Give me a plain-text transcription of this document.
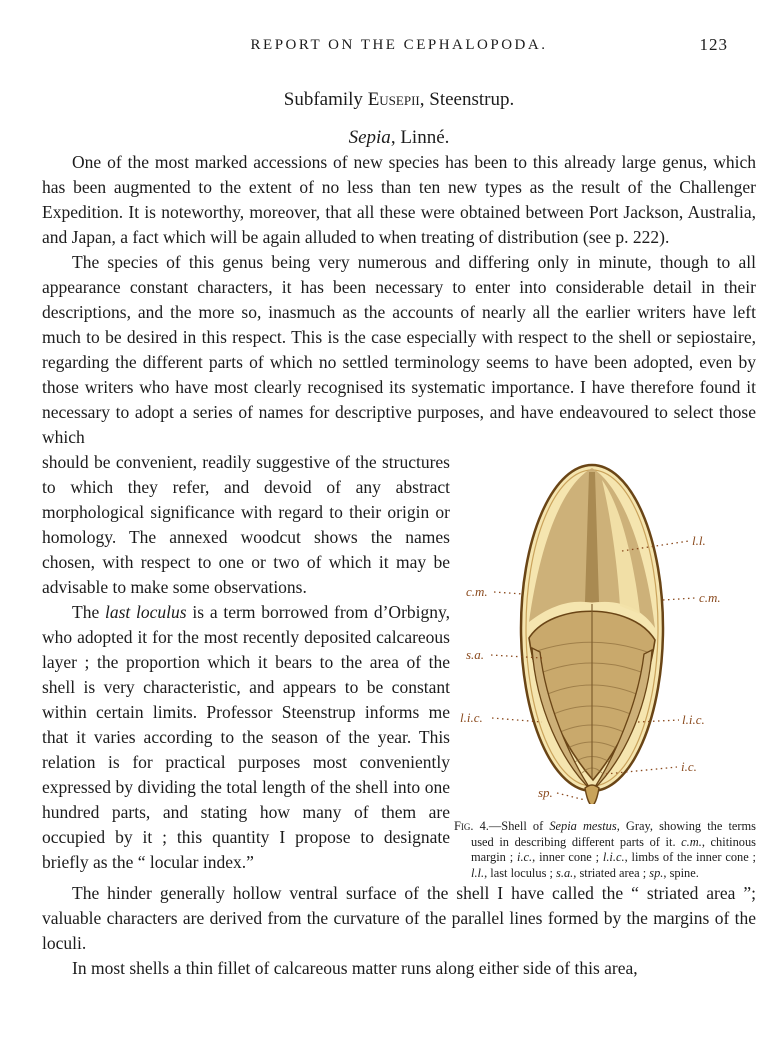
REPORT ON THE CEPHALOPODA.	123
Subfamily Eusepii, Steenstrup.
Sepia, Linné.

One of the most marked accessions of new species has been to this already large genus, which has been augmented to the extent of no less than ten new types as the result of the Challenger Expedition. It is noteworthy, moreover, that all these were obtained between Port Jackson, Australia, and Japan, a fact which will be again alluded to when treating of distribution (see p. 222).

The species of this genus being very numerous and differing only in minute, though to all appearance constant characters, it has been necessary to enter into considerable detail in their descriptions, and the more so, inasmuch as the accounts of nearly all the earlier writers have left much to be desired in this respect. This is the case especially with respect to the shell or sepiostaire, regarding the different parts of which no settled terminology seems to have been adopted, even by those writers who have most clearly recognised its systematic importance. I have therefore found it necessary to adopt a series of names for descriptive purposes, and have endeavoured to select those which

should be convenient, readily suggestive of the structures to which they refer, and devoid of any abstract morphological significance with regard to their origin or homology. The annexed woodcut shows the names chosen, with respect to one or two of which it may be advisable to make some observations.

The last loculus is a term borrowed from d’Orbigny, who adopted it for the most recently deposited calcareous layer ; the proportion which it bears to the area of the shell is very characteristic, and appears to be constant within certain limits. Professor Steenstrup informs me that it varies according to the season of the year. This relation is for practical purposes most conveniently expressed by dividing the total length of the shell into one hundred parts, and stating how many of them are occupied by it ; this quantity I propose to designate briefly as the “ locular index.”

l.l.
c.m.	c.m.
s.a.
l.i.c.	l.i.c.
i.c.
sp.
Fig. 4.—Shell of Sepia mestus, Gray, showing the terms used in describing different parts of it. c.m., chitinous margin ; i.c., inner cone ; l.i.c., limbs of the inner cone ; l.l., last loculus ; s.a., striated area ; sp., spine.

The hinder generally hollow ventral surface of the shell I have called the “ striated area ”; valuable characters are derived from the curvature of the parallel lines formed by the margins of the loculi.

In most shells a thin fillet of calcareous matter runs along either side of this area,
